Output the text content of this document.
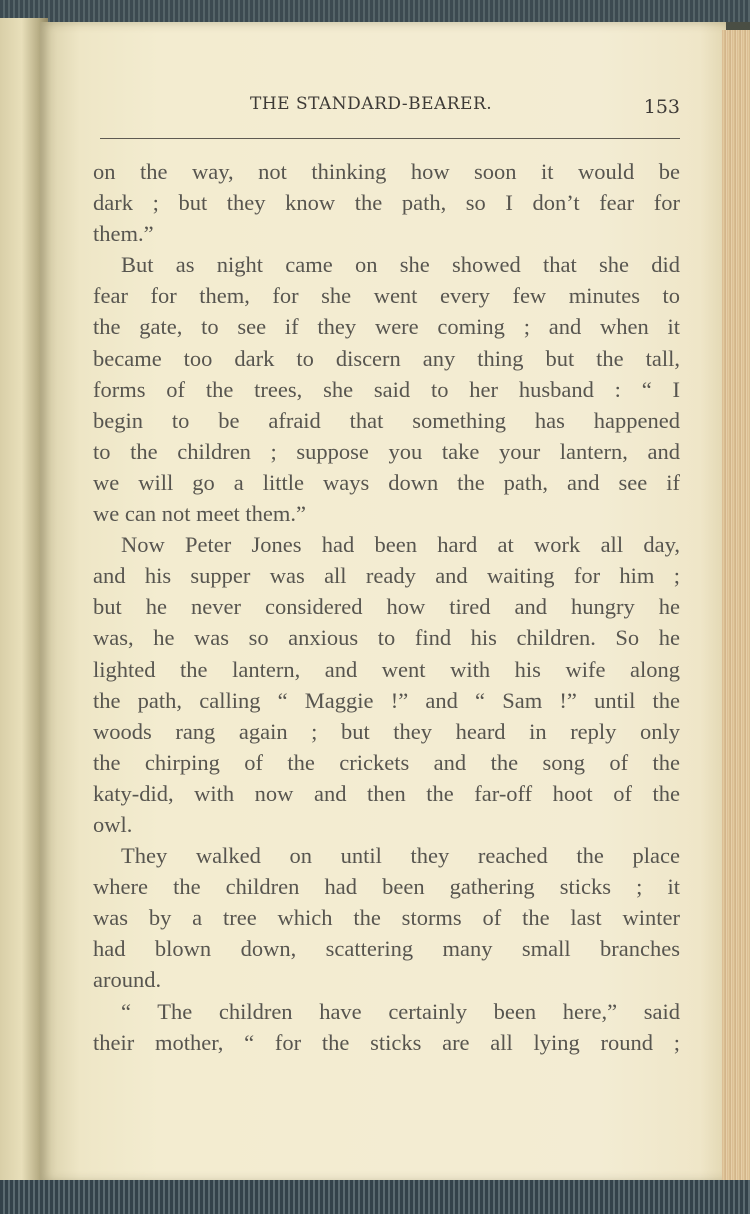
THE STANDARD-BEARER.	153
on the way, not thinking how soon it would be
dark ; but they know the path, so I don’t fear for
them.”
But as night came on she showed that she did
fear for them, for she went every few minutes to
the gate, to see if they were coming ; and when it
became too dark to discern any thing but the tall,
forms of the trees, she said to her husband : “ I
begin to be afraid that something has happened
to the children ; suppose you take your lantern, and
we will go a little ways down the path, and see if
we can not meet them.”
Now Peter Jones had been hard at work all day,
and his supper was all ready and waiting for him ;
but he never considered how tired and hungry he
was, he was so anxious to find his children. So he
lighted the lantern, and went with his wife along
the path, calling “ Maggie !” and “ Sam !” until the
woods rang again ; but they heard in reply only
the chirping of the crickets and the song of the
katy-did, with now and then the far-off hoot of the
owl.
They walked on until they reached the place
where the children had been gathering sticks ; it
was by a tree which the storms of the last winter
had blown down, scattering many small branches
around.
“ The children have certainly been here,” said
their mother, “ for the sticks are all lying round ;
